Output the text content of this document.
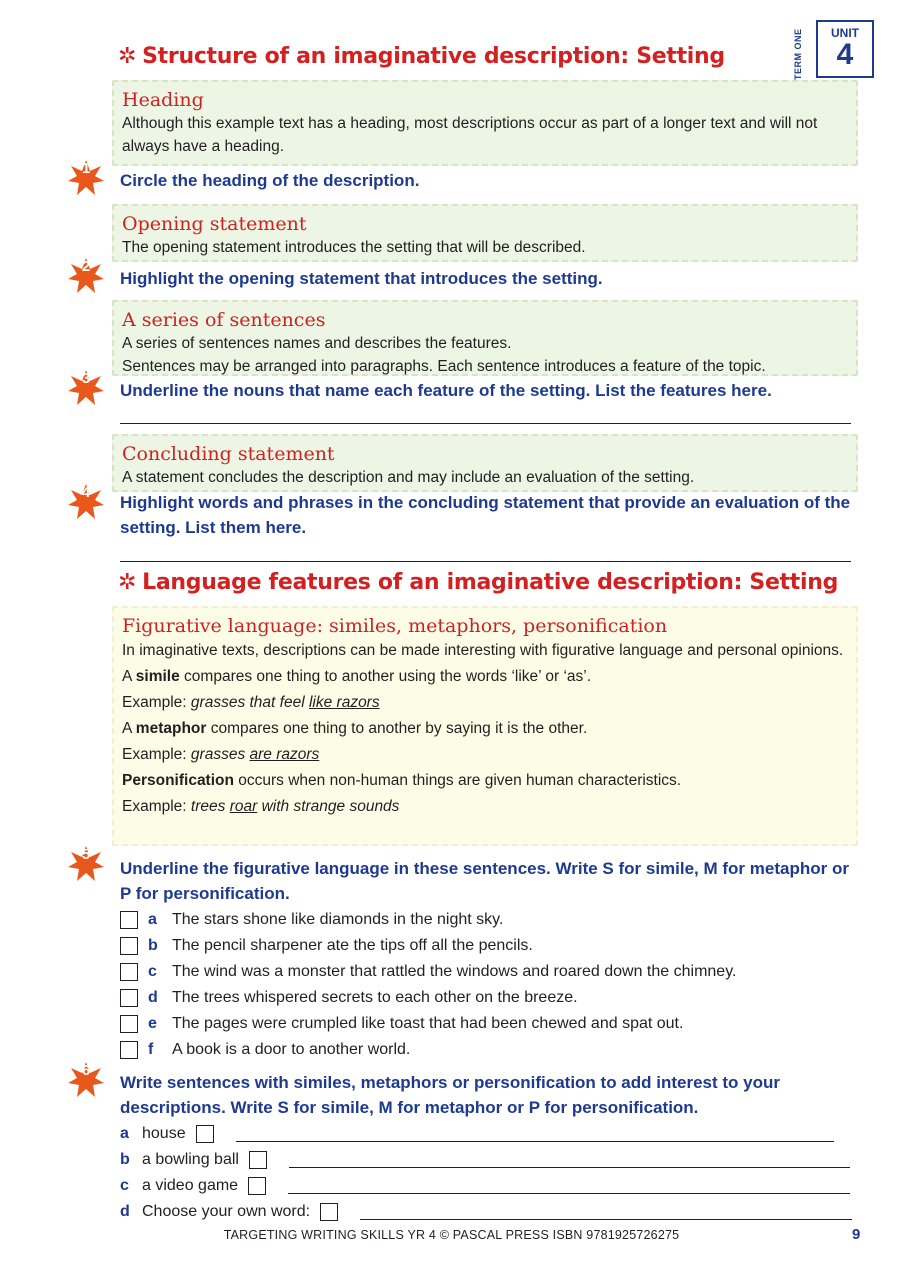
TERM ONE	UNIT
4
✲ Structure of an imaginative description: Setting
Heading
Although this example text has a heading, most descriptions occur as part of a longer text and will not always have a heading.
1
Circle the heading of the description.
Opening statement
The opening statement introduces the setting that will be described.
2
Highlight the opening statement that introduces the setting.
A series of sentences
A series of sentences names and describes the features.
Sentences may be arranged into paragraphs. Each sentence introduces a feature of the topic.
3
Underline the nouns that name each feature of the setting. List the features here.
Concluding statement
A statement concludes the description and may include an evaluation of the setting.
4
Highlight words and phrases in the concluding statement that provide an evaluation of the setting. List them here.
✲ Language features of an imaginative description: Setting
Figurative language: similes, metaphors, personification
In imaginative texts, descriptions can be made interesting with figurative language and personal opinions.
A simile compares one thing to another using the words ‘like’ or ‘as’.
Example: grasses that feel like razors
A metaphor compares one thing to another by saying it is the other.
Example: grasses are razors
Personification occurs when non-human things are given human characteristics.
Example: trees roar with strange sounds
5
Underline the figurative language in these sentences. Write S for simile, M for metaphor or P for personification.
a The stars shone like diamonds in the night sky.
b The pencil sharpener ate the tips off all the pencils.
c The wind was a monster that rattled the windows and roared down the chimney.
d The trees whispered secrets to each other on the breeze.
e The pages were crumpled like toast that had been chewed and spat out.
f	A book is a door to another world.
6
Write sentences with similes, metaphors or personification to add interest to your descriptions. Write S for simile, M for metaphor or P for personification.
a house
b a bowling ball
c a video game
d Choose your own word:
TARGETING WRITING SKILLS YR 4 © PASCAL PRESS ISBN 9781925726275	9
